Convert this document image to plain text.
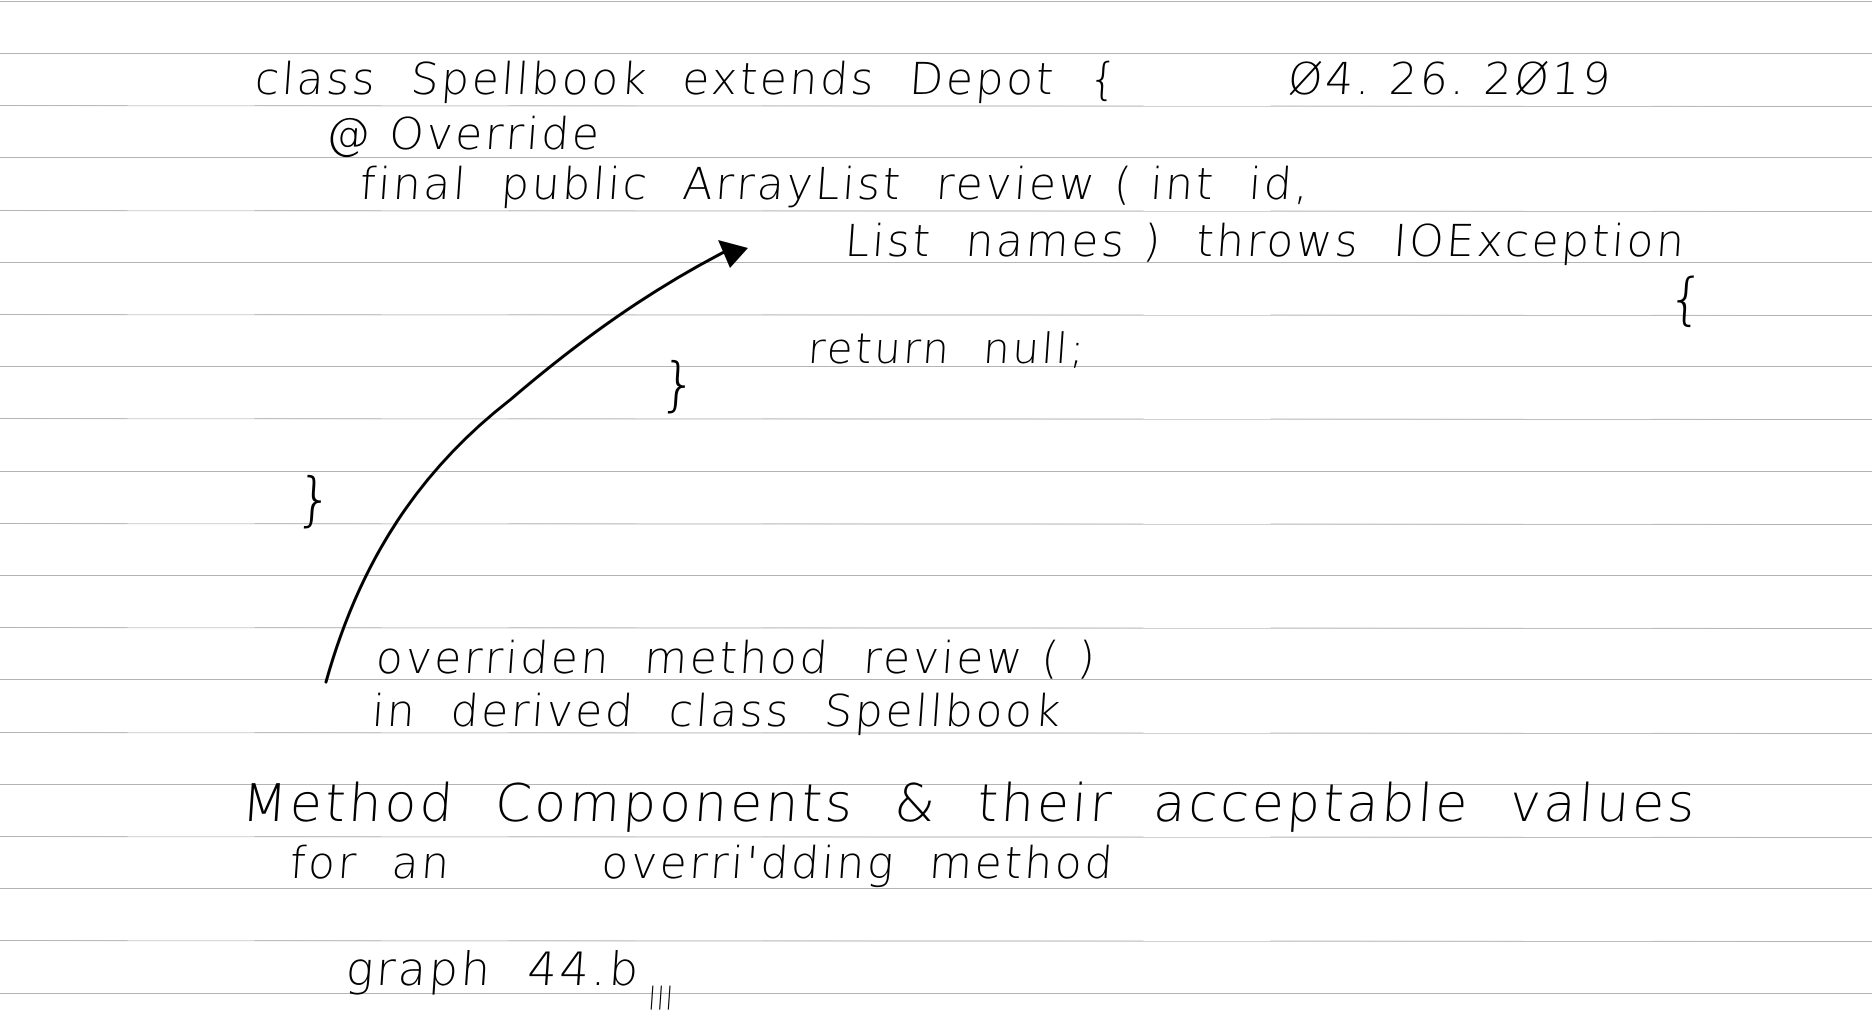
class  Spellbook  extends  Depot  {	Ø4. 26. 2Ø19
@ Override
final  public  ArrayList  review ( int  id,
List  names )  throws  IOException
{
return  null;
}
}
overriden  method  review ( )
in  derived  class  Spellbook
Method  Components  &  their  acceptable  values
for  an         overri'dding  method
graph  44.b |||
